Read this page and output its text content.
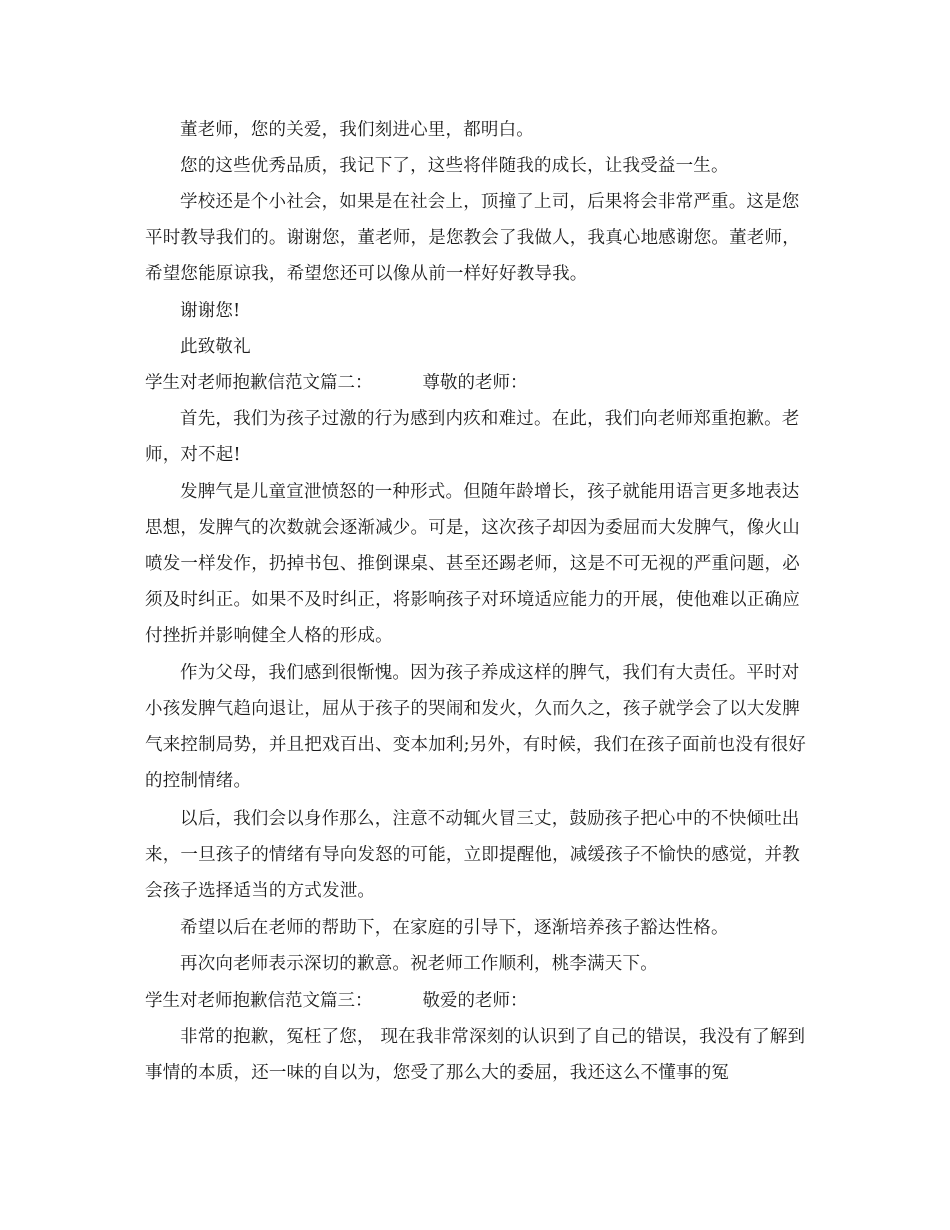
董老师，您的关爱，我们刻进心里，都明白。

您的这些优秀品质，我记下了，这些将伴随我的成长，让我受益一生。

学校还是个小社会，如果是在社会上，顶撞了上司，后果将会非常严重。这是您平时教导我们的。谢谢您，董老师，是您教会了我做人，我真心地感谢您。董老师，希望您能原谅我，希望您还可以像从前一样好好教导我。

谢谢您!

此致敬礼

学生对老师抱歉信范文篇二：	尊敬的老师：

首先，我们为孩子过激的行为感到内疚和难过。在此，我们向老师郑重抱歉。老师，对不起!

发脾气是儿童宣泄愤怒的一种形式。但随年龄增长，孩子就能用语言更多地表达思想，发脾气的次数就会逐渐减少。可是，这次孩子却因为委屈而大发脾气，像火山喷发一样发作，扔掉书包、推倒课桌、甚至还踢老师，这是不可无视的严重问题，必须及时纠正。如果不及时纠正，将影响孩子对环境适应能力的开展，使他难以正确应付挫折并影响健全人格的形成。

作为父母，我们感到很惭愧。因为孩子养成这样的脾气，我们有大责任。平时对小孩发脾气趋向退让，屈从于孩子的哭闹和发火，久而久之，孩子就学会了以大发脾气来控制局势，并且把戏百出、变本加利;另外，有时候，我们在孩子面前也没有很好的控制情绪。

以后，我们会以身作那么，注意不动辄火冒三丈，鼓励孩子把心中的不快倾吐出来，一旦孩子的情绪有导向发怒的可能，立即提醒他，减缓孩子不愉快的感觉，并教会孩子选择适当的方式发泄。

希望以后在老师的帮助下，在家庭的引导下，逐渐培养孩子豁达性格。

再次向老师表示深切的歉意。祝老师工作顺利，桃李满天下。

学生对老师抱歉信范文篇三：	敬爱的老师：

非常的抱歉，冤枉了您， 现在我非常深刻的认识到了自己的错误，我没有了解到事情的本质，还一味的自以为，您受了那么大的委屈，我还这么不懂事的冤
